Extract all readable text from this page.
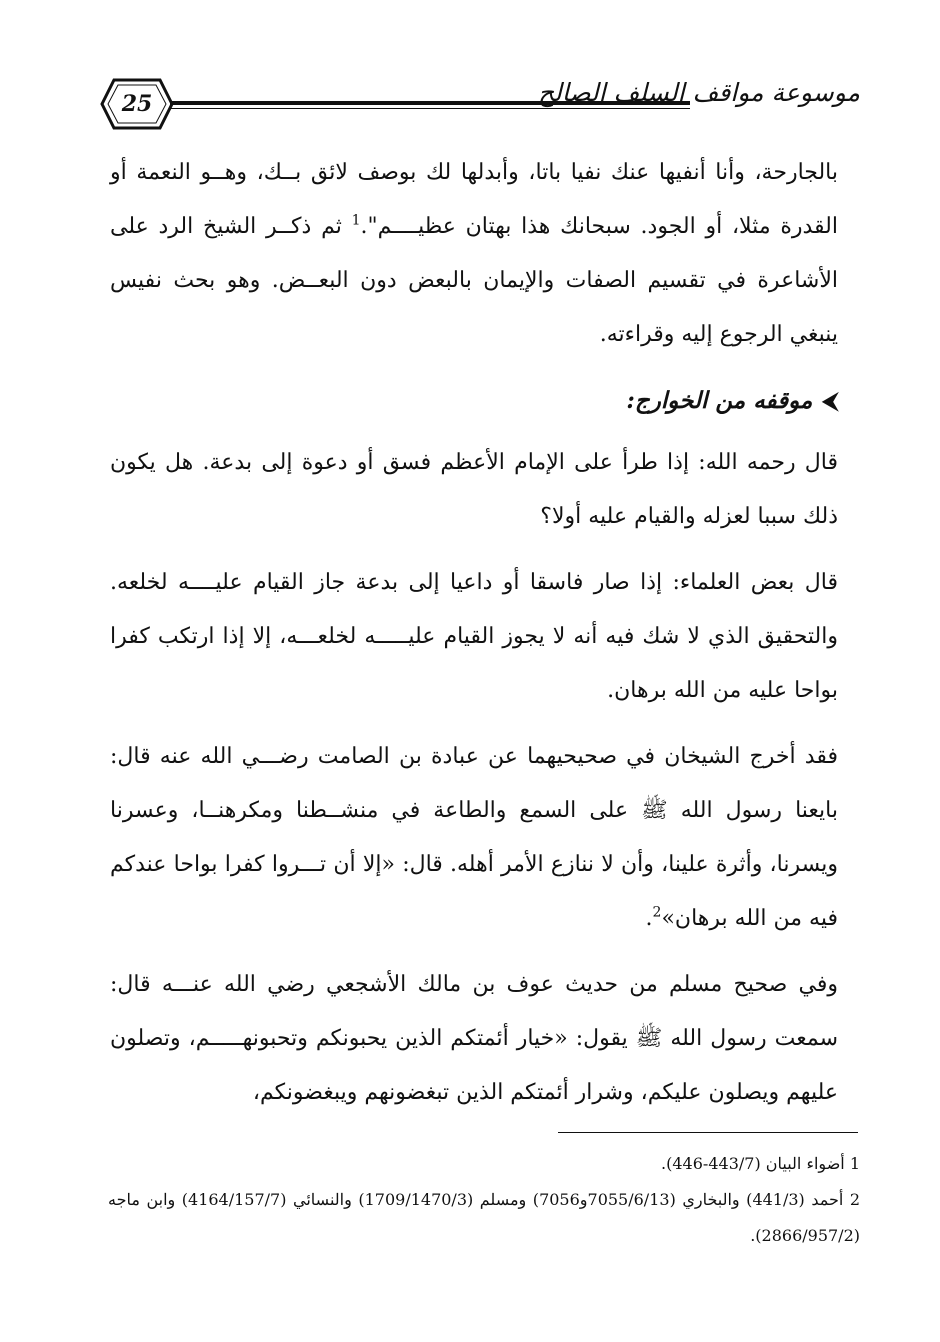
25	موسوعة مواقف السلف الصالح

بالجارحة، وأنا أنفيها عنك نفيا باتا، وأبدلها لك بوصف لائق بــك، وهــو النعمة أو القدرة مثلا، أو الجود. سبحانك هذا بهتان عظيــــم".$^1$ ثم ذكــر الشيخ الرد على الأشاعرة في تقسيم الصفات والإيمان بالبعض دون البعــض. وهو بحث نفيس ينبغي الرجوع إليه وقراءته.

⮜
موقفه من الخوارج:

قال رحمه الله: إذا طرأ على الإمام الأعظم فسق أو دعوة إلى بدعة. هل يكون ذلك سببا لعزله والقيام عليه أولا؟

قال بعض العلماء: إذا صار فاسقا أو داعيا إلى بدعة جاز القيام عليــــه لخلعه. والتحقيق الذي لا شك فيه أنه لا يجوز القيام عليـــــه لخلعـــه، إلا إذا ارتكب كفرا بواحا عليه من الله برهان.

فقد أخرج الشيخان في صحيحيهما عن عبادة بن الصامت رضـــي الله عنه قال: بايعنا رسول الله ﷺ على السمع والطاعة في منشــطنا ومكرهنــا، وعسرنا ويسرنا، وأثرة علينا، وأن لا ننازع الأمر أهله. قال: «إلا أن تـــروا كفرا بواحا عندكم فيه من الله برهان»$^2$.

وفي صحيح مسلم من حديث عوف بن مالك الأشجعي رضي الله عنـــه قال: سمعت رسول الله ﷺ يقول: «خيار أئمتكم الذين يحبونكم وتحبونهـــــم، وتصلون عليهم ويصلون عليكم، وشرار أئمتكم الذين تبغضونهم ويبغضونكم،

1 أضواء البيان (443/7-446).

2 أحمد (441/3) والبخاري (7055/6/13و7056) ومسلم (1709/1470/3) والنسائي (4164/157/7) وابن ماجه (2866/957/2).
